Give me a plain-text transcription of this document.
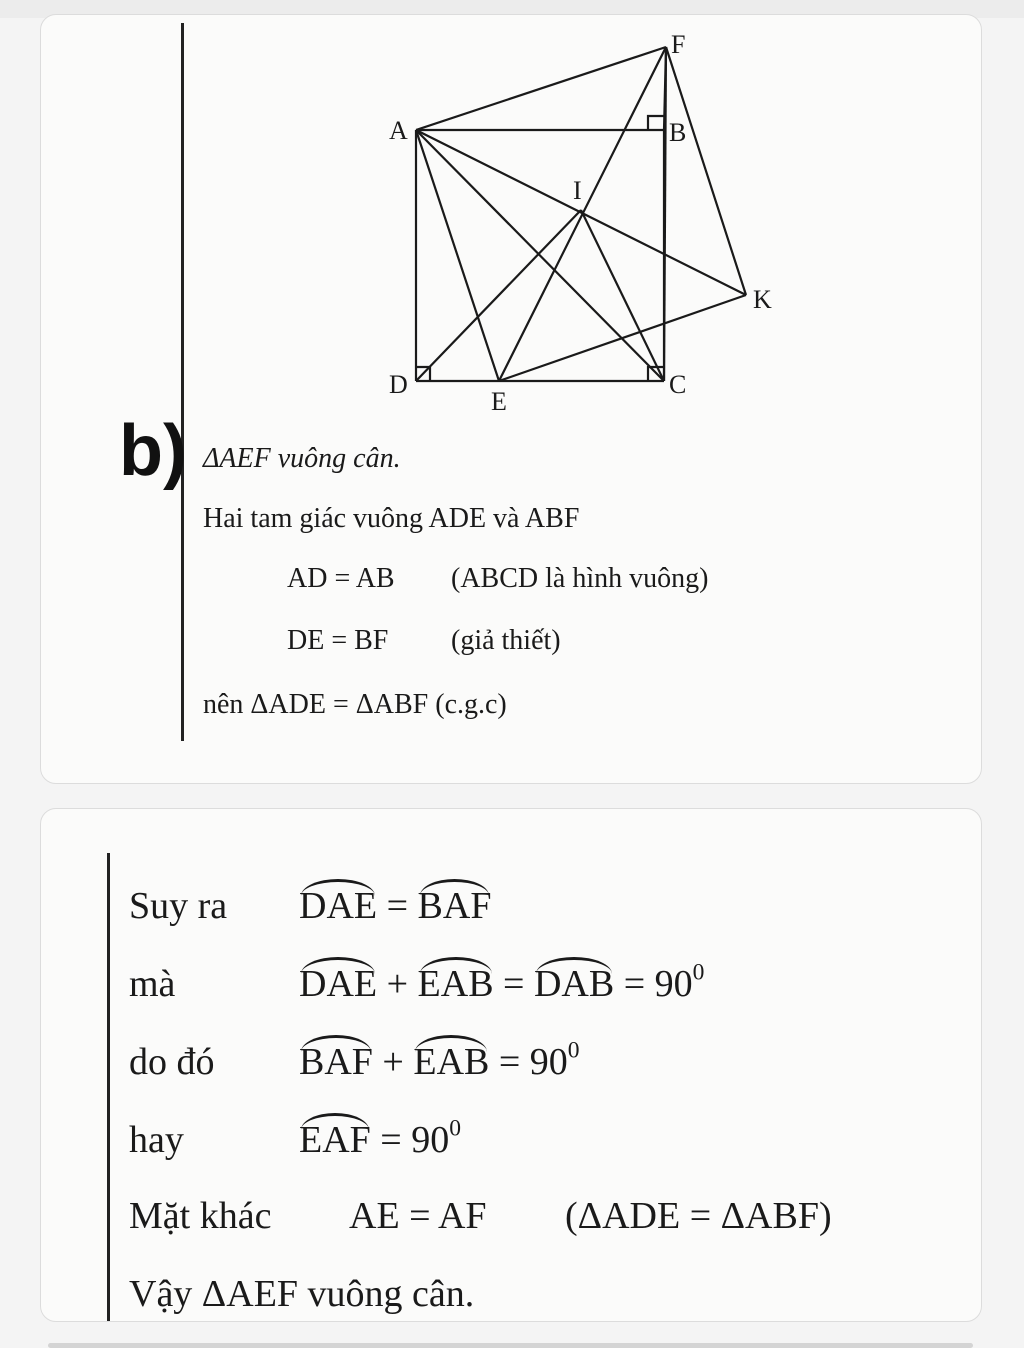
A	B
C
D
E
F
I
K
b) ΔAEF vuông cân.
Hai tam giác vuông ADE và ABF
AD = AB (ABCD là hình vuông)
DE = BF (giả thiết)
nên ΔADE = ΔABF (c.g.c)
Suy ra DAE = BAF
mà	DAE + EAB = DAB = $90^0$
do đó BAF + EAB = $90^0$
hay	EAF = $90^0$
Mặt khác AE = AF (ΔADE = ΔABF)
Vậy ΔAEF vuông cân.
